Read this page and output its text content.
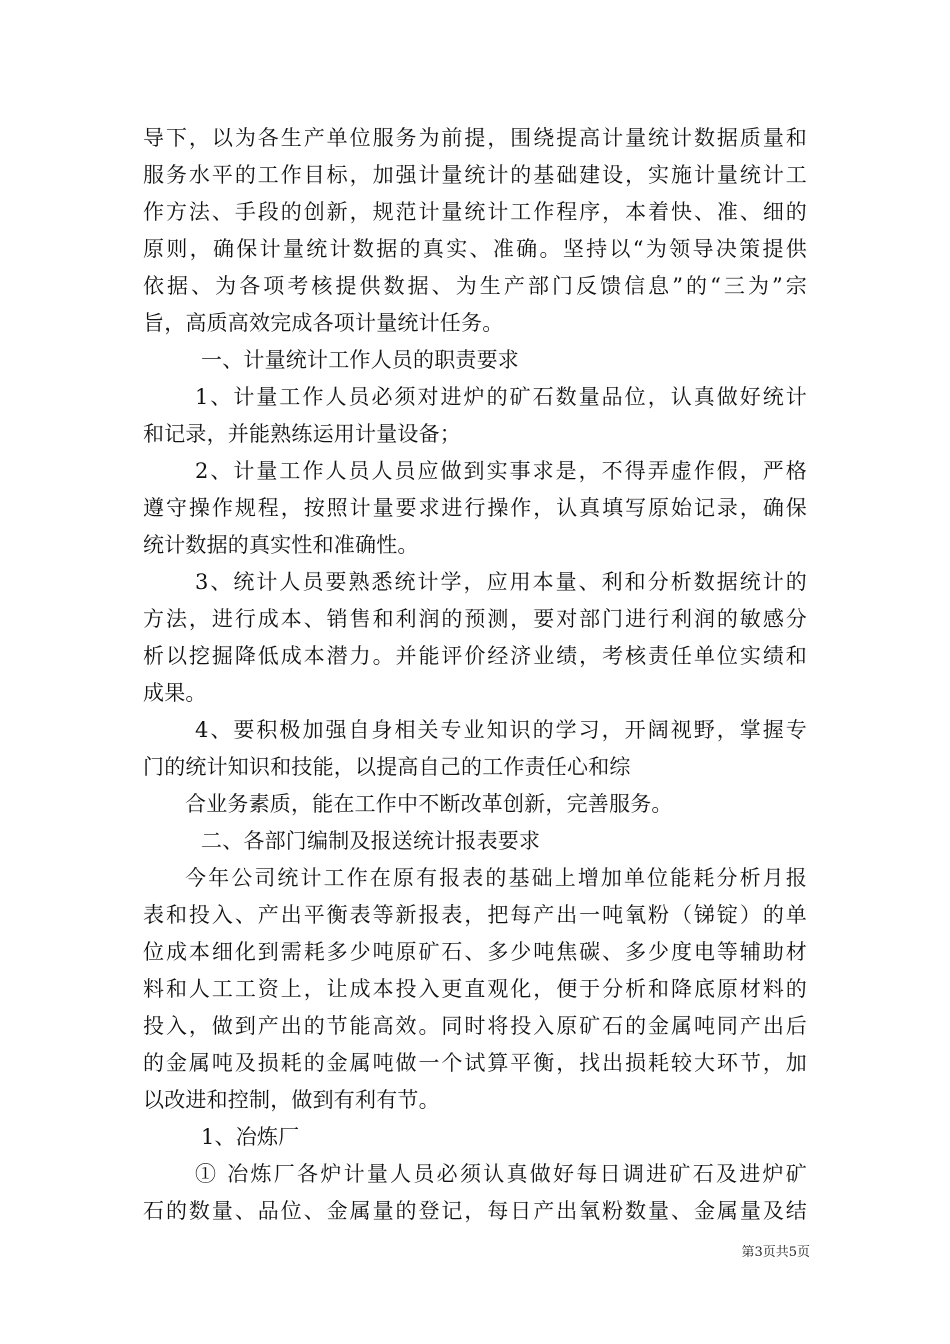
导下，以为各生产单位服务为前提，围绕提高计量统计数据质量和
服务水平的工作目标，加强计量统计的基础建设，实施计量统计工
作方法、手段的创新，规范计量统计工作程序，本着快、准、细的
原则，确保计量统计数据的真实、准确。坚持以“为领导决策提供
依据、为各项考核提供数据、为生产部门反馈信息”的“三为”宗
旨，高质高效完成各项计量统计任务。
一、计量统计工作人员的职责要求
1、计量工作人员必须对进炉的矿石数量品位，认真做好统计
和记录，并能熟练运用计量设备；
2、计量工作人员人员应做到实事求是，不得弄虚作假，严格
遵守操作规程，按照计量要求进行操作，认真填写原始记录，确保
统计数据的真实性和准确性。
3、统计人员要熟悉统计学，应用本量、利和分析数据统计的
方法，进行成本、销售和利润的预测，要对部门进行利润的敏感分
析以挖掘降低成本潜力。并能评价经济业绩，考核责任单位实绩和
成果。
4、要积极加强自身相关专业知识的学习，开阔视野，掌握专
门的统计知识和技能，以提高自己的工作责任心和综
合业务素质，能在工作中不断改革创新，完善服务。
二、各部门编制及报送统计报表要求
今年公司统计工作在原有报表的基础上增加单位能耗分析月报
表和投入、产出平衡表等新报表，把每产出一吨氧粉（锑锭）的单
位成本细化到需耗多少吨原矿石、多少吨焦碳、多少度电等辅助材
料和人工工资上，让成本投入更直观化，便于分析和降底原材料的
投入，做到产出的节能高效。同时将投入原矿石的金属吨同产出后
的金属吨及损耗的金属吨做一个试算平衡，找出损耗较大环节，加
以改进和控制，做到有利有节。
1、冶炼厂
① 冶炼厂各炉计量人员必须认真做好每日调进矿石及进炉矿
石的数量、品位、金属量的登记，每日产出氧粉数量、金属量及结
第3页共5页
